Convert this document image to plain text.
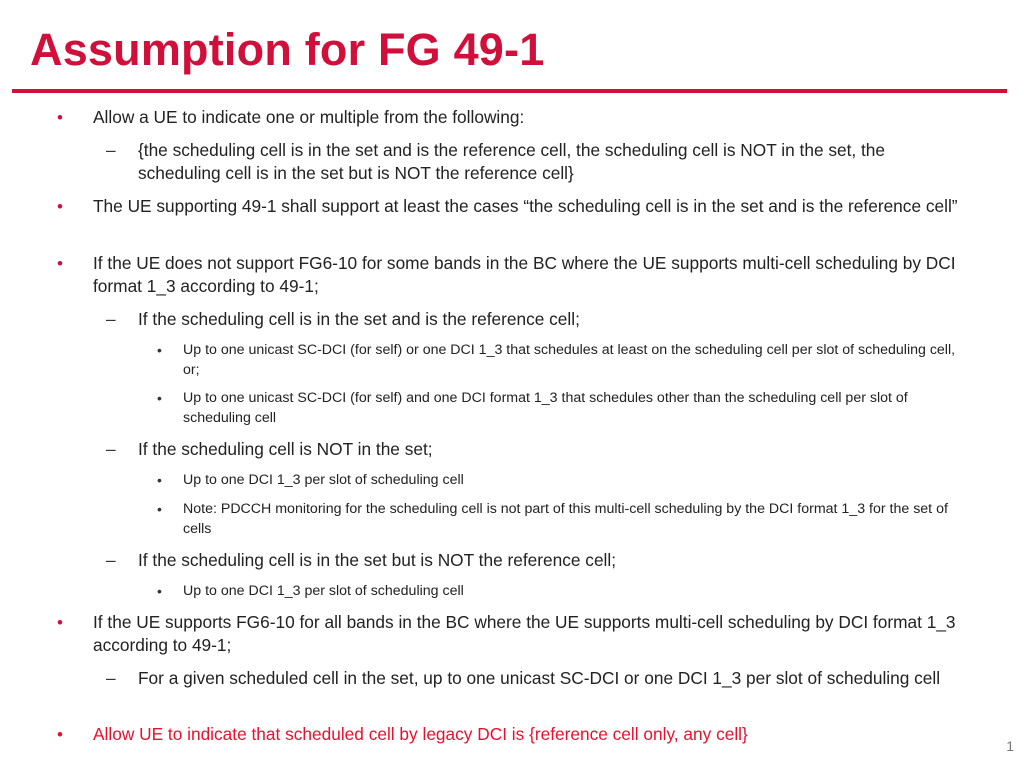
Assumption for FG 49-1
• Allow a UE to indicate one or multiple from the following:
– {the scheduling cell is in the set and is the reference cell, the scheduling cell is NOT in the set, the scheduling cell is in the set but is NOT the reference cell}
• The UE supporting 49-1 shall support at least the cases “the scheduling cell is in the set and is the reference cell”
• If the UE does not support FG6-10 for some bands in the BC where the UE supports multi-cell scheduling by DCI format 1_3 according to 49-1;
– If the scheduling cell is in the set and is the reference cell;
• Up to one unicast SC-DCI (for self) or one DCI 1_3 that schedules at least on the scheduling cell per slot of scheduling cell, or;
• Up to one unicast SC-DCI (for self) and one DCI format 1_3 that schedules other than the scheduling cell per slot of scheduling cell
– If the scheduling cell is NOT in the set;
• Up to one DCI 1_3 per slot of scheduling cell
• Note: PDCCH monitoring for the scheduling cell is not part of this multi-cell scheduling by the DCI format 1_3 for the set of cells
– If the scheduling cell is in the set but is NOT the reference cell;
• Up to one DCI 1_3 per slot of scheduling cell
• If the UE supports FG6-10 for all bands in the BC where the UE supports multi-cell scheduling by DCI format 1_3 according to 49-1;
– For a given scheduled cell in the set, up to one unicast SC-DCI or one DCI 1_3 per slot of scheduling cell
• Allow UE to indicate that scheduled cell by legacy DCI is {reference cell only, any cell}
1
